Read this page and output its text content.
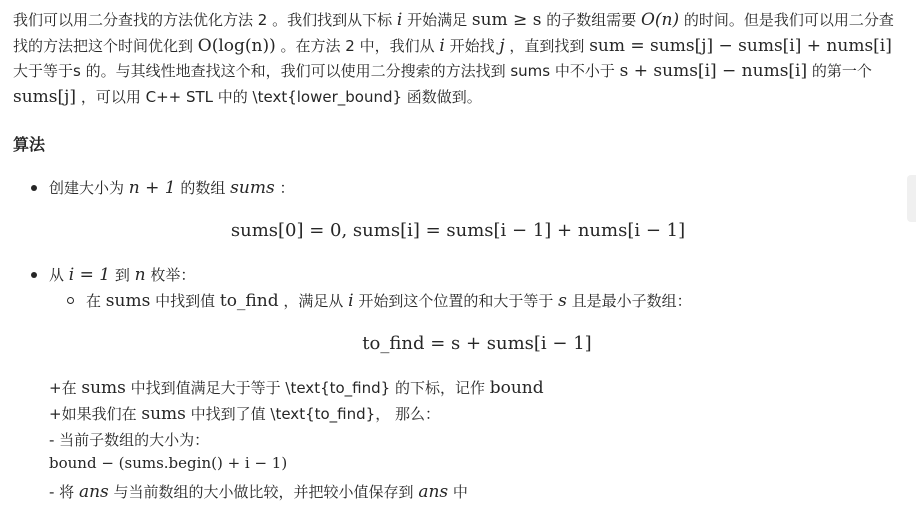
我们可以用二分查找的方法优化方法 2 。我们找到从下标 i 开始满足 sum ≥ s 的子数组需要 O(n) 的时间。但是我们可以用二分查找的方法把这个时间优化到 O(log(n)) 。在方法 2 中，我们从 i 开始找 j ，直到找到 sum = sums[j] − sums[i] + nums[i] 大于等于s 的。与其线性地查找这个和，我们可以使用二分搜索的方法找到 sums 中不小于 s + sums[i] − nums[i] 的第一个 sums[j] ，可以用 C++ STL 中的 \text{lower_bound} 函数做到。

算法
创建大小为 n + 1 的数组 sums ：
sums[0] = 0, sums[i] = sums[i − 1] + nums[i − 1]
从 i = 1 到 n 枚举：
在 sums 中找到值 to_find ，满足从 i 开始到这个位置的和大于等于 s 且是最小子数组：
to_find = s + sums[i − 1]
+在 sums 中找到值满足大于等于 \text{to_find} 的下标，记作 bound
+如果我们在 sums 中找到了值 \text{to_find}， 那么：
- 当前子数组的大小为：
bound − (sums.begin() + i − 1)
- 将 ans 与当前数组的大小做比较，并把较小值保存到 ans 中
